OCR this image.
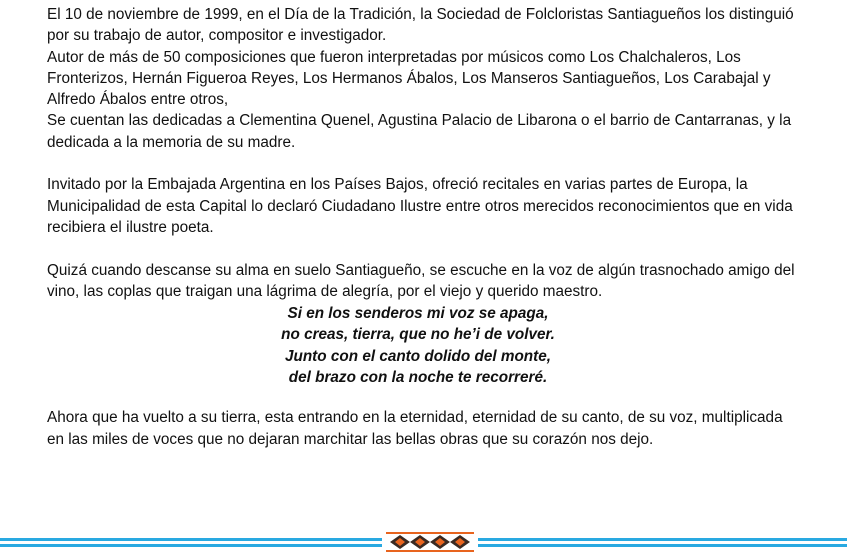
El 10 de noviembre de 1999, en el Día de la Tradición, la Sociedad de Folcloristas Santiagueños los distinguió
por su trabajo de autor, compositor e investigador.
Autor de más de 50 composiciones que fueron interpretadas por músicos como Los Chalchaleros, Los
Fronterizos, Hernán Figueroa Reyes, Los Hermanos Ábalos, Los Manseros Santiagueños, Los Carabajal y
Alfredo Ábalos entre otros,
Se cuentan las dedicadas a Clementina Quenel, Agustina Palacio de Libarona o el barrio de Cantarranas, y la
dedicada a la memoria de su madre.
Invitado por la Embajada Argentina en los Países Bajos, ofreció recitales en varias partes de Europa, la
Municipalidad de esta Capital lo declaró Ciudadano Ilustre entre otros merecidos reconocimientos que en vida
recibiera el ilustre poeta.
Quizá cuando descanse su alma en suelo Santiagueño, se escuche en la voz de algún trasnochado amigo del
vino, las coplas que traigan una lágrima de alegría, por el viejo y querido maestro.
Si en los senderos mi voz se apaga,
no creas, tierra, que no he’i de volver.
Junto con el canto dolido del monte,
del brazo con la noche te recorreré.
Ahora que ha vuelto a su tierra, esta entrando en la eternidad, eternidad de su canto, de su voz, multiplicada
en las miles de voces que no dejaran marchitar las bellas obras que su corazón nos dejo.
